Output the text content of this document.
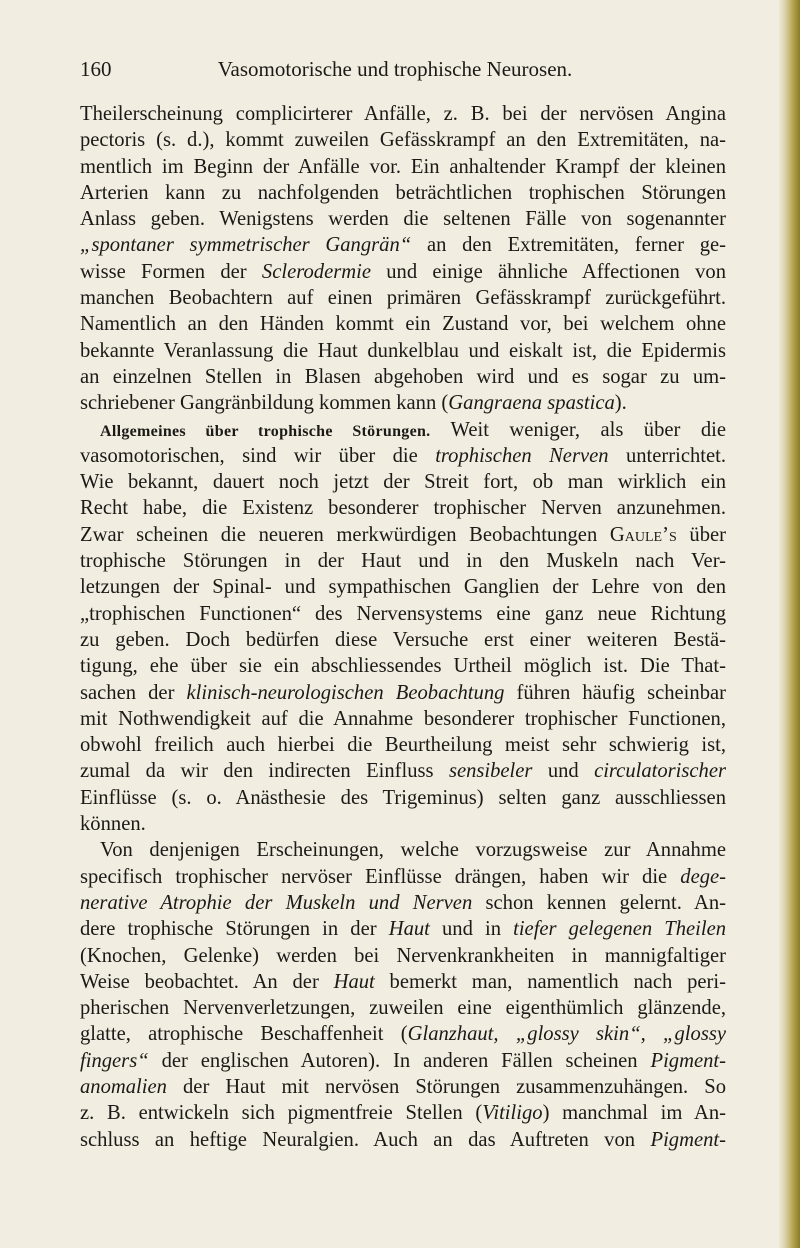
160	Vasomotorische und trophische Neurosen.
Theilerscheinung complicirterer Anfälle, z. B. bei der nervösen Angina
pectoris (s. d.), kommt zuweilen Gefässkrampf an den Extremitäten, na-
mentlich im Beginn der Anfälle vor. Ein anhaltender Krampf der kleinen
Arterien kann zu nachfolgenden beträchtlichen trophischen Störungen
Anlass geben. Wenigstens werden die seltenen Fälle von sogenannter
„spontaner symmetrischer Gangrän“ an den Extremitäten, ferner ge-
wisse Formen der Sclerodermie und einige ähnliche Affectionen von
manchen Beobachtern auf einen primären Gefässkrampf zurückgeführt.
Namentlich an den Händen kommt ein Zustand vor, bei welchem ohne
bekannte Veranlassung die Haut dunkelblau und eiskalt ist, die Epidermis
an einzelnen Stellen in Blasen abgehoben wird und es sogar zu um-
schriebener Gangränbildung kommen kann (Gangraena spastica).
Allgemeines über trophische Störungen. Weit weniger, als über die
vasomotorischen, sind wir über die trophischen Nerven unterrichtet.
Wie bekannt, dauert noch jetzt der Streit fort, ob man wirklich ein
Recht habe, die Existenz besonderer trophischer Nerven anzunehmen.
Zwar scheinen die neueren merkwürdigen Beobachtungen Gaule’s über
trophische Störungen in der Haut und in den Muskeln nach Ver-
letzungen der Spinal- und sympathischen Ganglien der Lehre von den
„trophischen Functionen“ des Nervensystems eine ganz neue Richtung
zu geben. Doch bedürfen diese Versuche erst einer weiteren Bestä-
tigung, ehe über sie ein abschliessendes Urtheil möglich ist. Die That-
sachen der klinisch-neurologischen Beobachtung führen häufig scheinbar
mit Nothwendigkeit auf die Annahme besonderer trophischer Functionen,
obwohl freilich auch hierbei die Beurtheilung meist sehr schwierig ist,
zumal da wir den indirecten Einfluss sensibeler und circulatorischer
Einflüsse (s. o. Anästhesie des Trigeminus) selten ganz ausschliessen
können.
Von denjenigen Erscheinungen, welche vorzugsweise zur Annahme
specifisch trophischer nervöser Einflüsse drängen, haben wir die dege-
nerative Atrophie der Muskeln und Nerven schon kennen gelernt. An-
dere trophische Störungen in der Haut und in tiefer gelegenen Theilen
(Knochen, Gelenke) werden bei Nervenkrankheiten in mannigfaltiger
Weise beobachtet. An der Haut bemerkt man, namentlich nach peri-
pherischen Nervenverletzungen, zuweilen eine eigenthümlich glänzende,
glatte, atrophische Beschaffenheit (Glanzhaut, „glossy skin“, „glossy
fingers“ der englischen Autoren). In anderen Fällen scheinen Pigment-
anomalien der Haut mit nervösen Störungen zusammenzuhängen. So
z. B. entwickeln sich pigmentfreie Stellen (Vitiligo) manchmal im An-
schluss an heftige Neuralgien. Auch an das Auftreten von Pigment-
